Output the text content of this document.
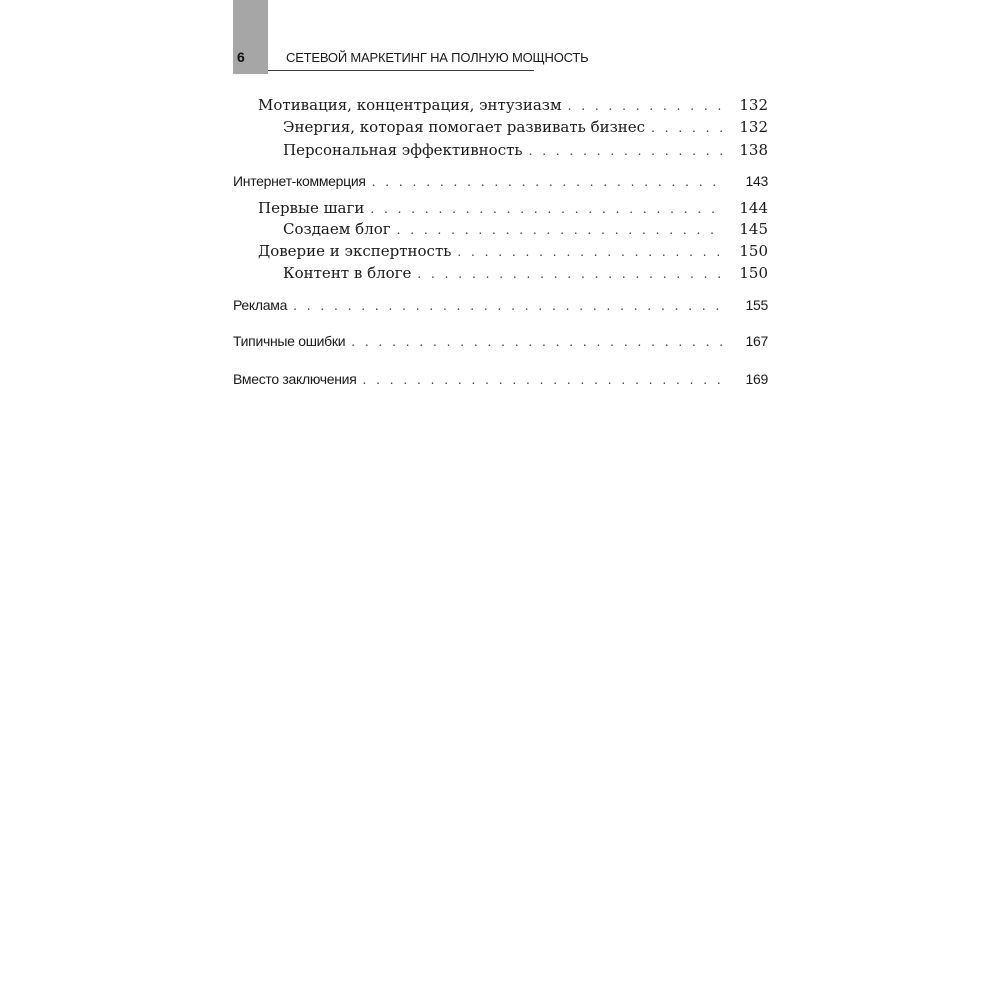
6	СЕТЕВОЙ МАРКЕТИНГ НА ПОЛНУЮ МОЩНОСТЬ
Мотивация, концентрация, энтузиазм . . .	132
Энергия, которая помогает развивать бизнес . . .	132
Персональная эффективность . . .	138
Интернет-коммерция . . .	143
Первые шаги . . .	144
Создаем блог . . .	145
Доверие и экспертность . . .	150
Контент в блоге . . .	150
Реклама . . .	155
Типичные ошибки . . .	167
Вместо заключения . . .	169
